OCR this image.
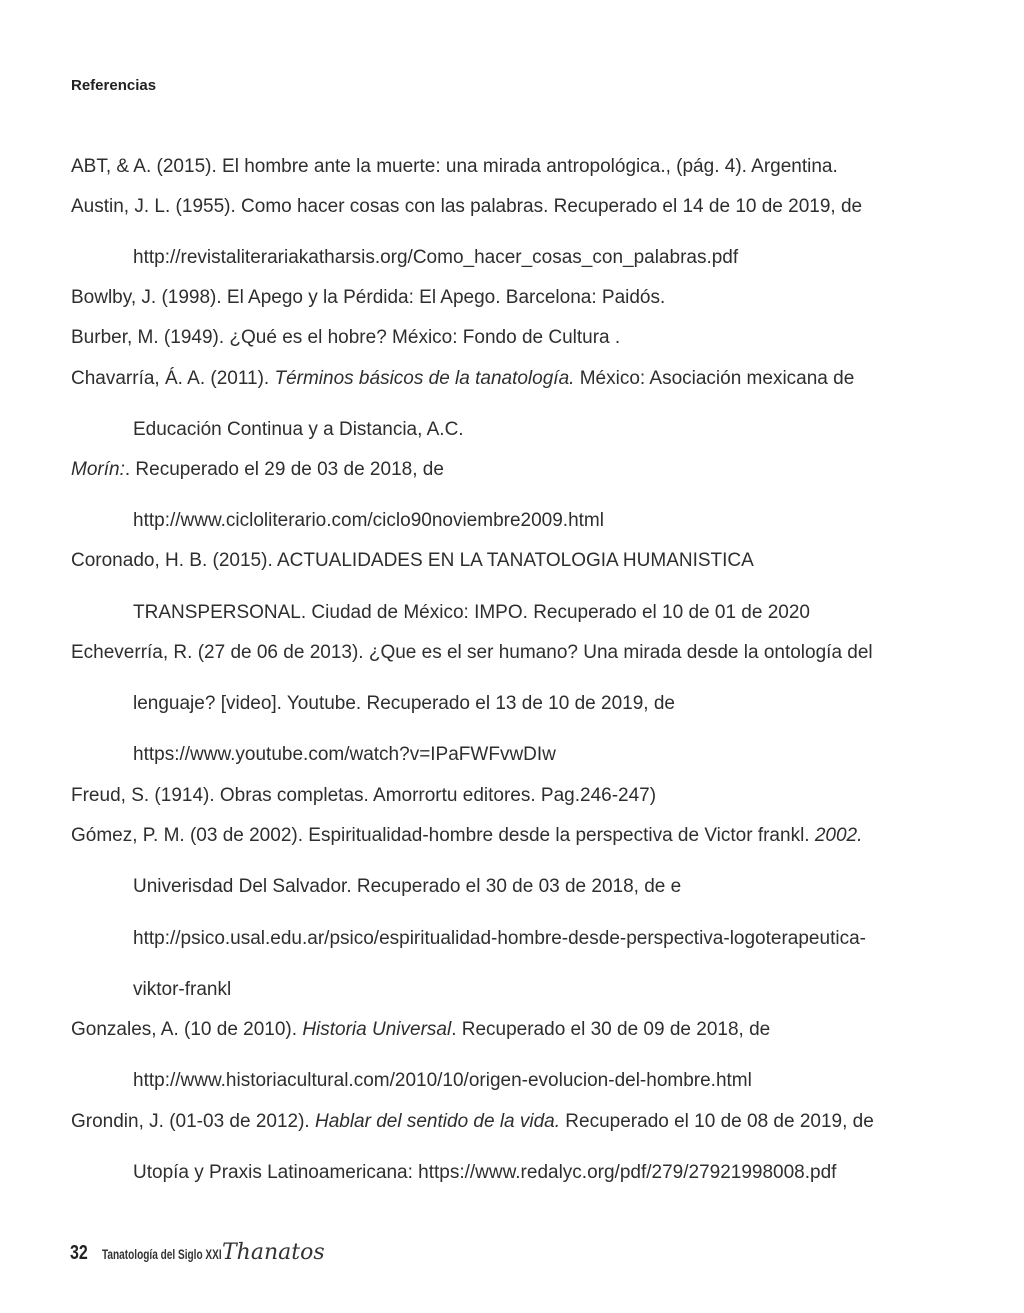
Referencias
ABT, & A. (2015). El hombre ante la muerte: una mirada antropológica., (pág. 4). Argentina.
Austin, J. L. (1955). Como hacer cosas con las palabras. Recuperado el 14 de 10 de 2019, de
http://revistaliterariakatharsis.org/Como_hacer_cosas_con_palabras.pdf
Bowlby, J. (1998). El Apego y la Pérdida: El Apego. Barcelona: Paidós.
Burber, M. (1949). ¿Qué es el hobre? México: Fondo de Cultura .
Chavarría, Á. A. (2011). Términos básicos de la tanatología. México: Asociación mexicana de
Educación Continua y a Distancia, A.C.
Morín:. Recuperado el 29 de 03 de 2018, de
http://www.cicloliterario.com/ciclo90noviembre2009.html
Coronado, H. B. (2015). ACTUALIDADES EN LA TANATOLOGIA HUMANISTICA
TRANSPERSONAL. Ciudad de México: IMPO. Recuperado el 10 de 01 de 2020
Echeverría, R. (27 de 06 de 2013). ¿Que es el ser humano? Una mirada desde la ontología del
lenguaje? [video]. Youtube. Recuperado el 13 de 10 de 2019, de
https://www.youtube.com/watch?v=IPaFWFvwDIw
Freud, S. (1914). Obras completas. Amorrortu editores. Pag.246-247)
Gómez, P. M. (03 de 2002). Espiritualidad-hombre desde la perspectiva de Victor frankl. 2002.
Univerisdad Del Salvador. Recuperado el 30 de 03 de 2018, de e
http://psico.usal.edu.ar/psico/espiritualidad-hombre-desde-perspectiva-logoterapeutica-
viktor-frankl
Gonzales, A. (10 de 2010). Historia Universal. Recuperado el 30 de 09 de 2018, de
http://www.historiacultural.com/2010/10/origen-evolucion-del-hombre.html
Grondin, J. (01-03 de 2012). Hablar del sentido de la vida. Recuperado el 10 de 08 de 2019, de
Utopía y Praxis Latinoamericana: https://www.redalyc.org/pdf/279/27921998008.pdf
32 Tanatología del Siglo XXI Thanatos
